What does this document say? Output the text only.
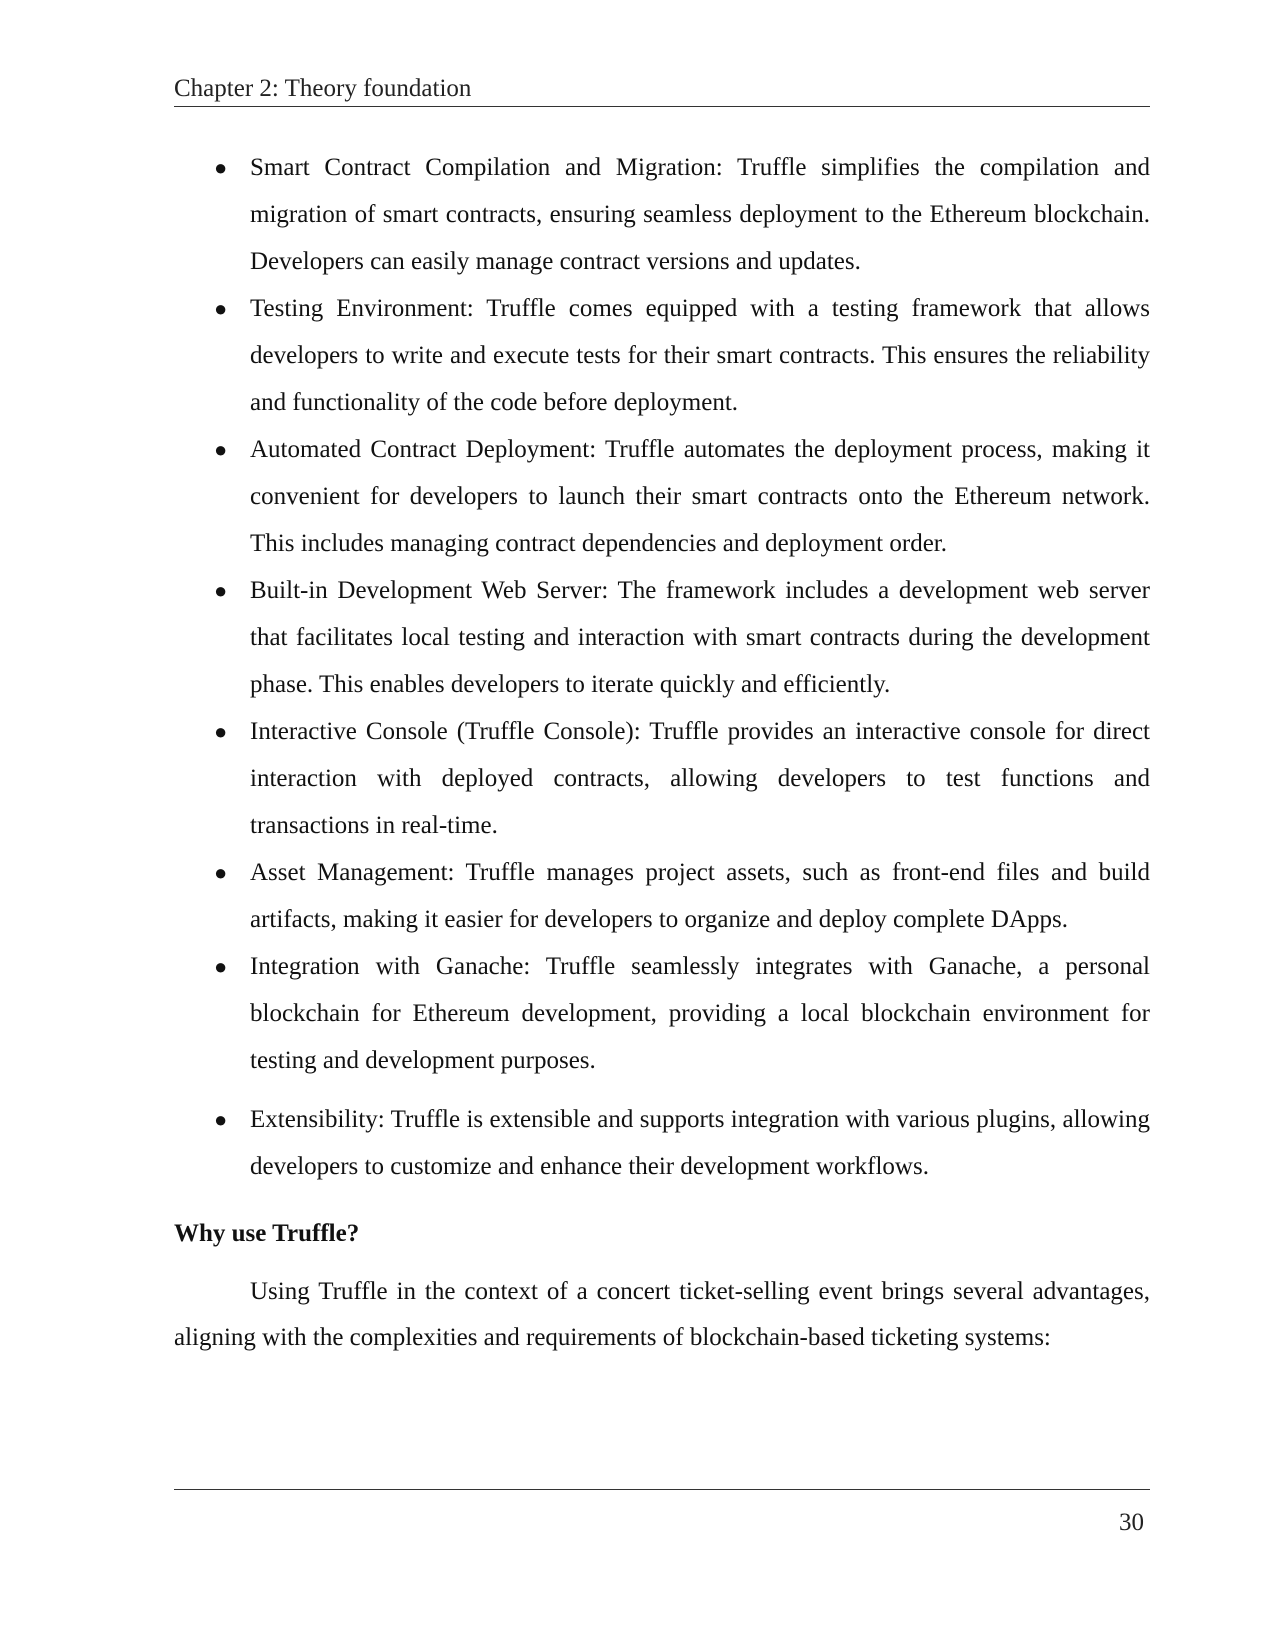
Chapter 2: Theory foundation
● Smart Contract Compilation and Migration: Truffle simplifies the compilation and migration of smart contracts, ensuring seamless deployment to the Ethereum blockchain. Developers can easily manage contract versions and updates.
● Testing Environment: Truffle comes equipped with a testing framework that allows developers to write and execute tests for their smart contracts. This ensures the reliability and functionality of the code before deployment.
● Automated Contract Deployment: Truffle automates the deployment process, making it convenient for developers to launch their smart contracts onto the Ethereum network. This includes managing contract dependencies and deployment order.
● Built-in Development Web Server: The framework includes a development web server that facilitates local testing and interaction with smart contracts during the development phase. This enables developers to iterate quickly and efficiently.
● Interactive Console (Truffle Console): Truffle provides an interactive console for direct interaction with deployed contracts, allowing developers to test functions and transactions in real-time.
● Asset Management: Truffle manages project assets, such as front-end files and build artifacts, making it easier for developers to organize and deploy complete DApps.
● Integration with Ganache: Truffle seamlessly integrates with Ganache, a personal blockchain for Ethereum development, providing a local blockchain environment for testing and development purposes.
● Extensibility: Truffle is extensible and supports integration with various plugins, allowing developers to customize and enhance their development workflows.
Why use Truffle?
Using Truffle in the context of a concert ticket-selling event brings several advantages, aligning with the complexities and requirements of blockchain-based ticketing systems:
30
